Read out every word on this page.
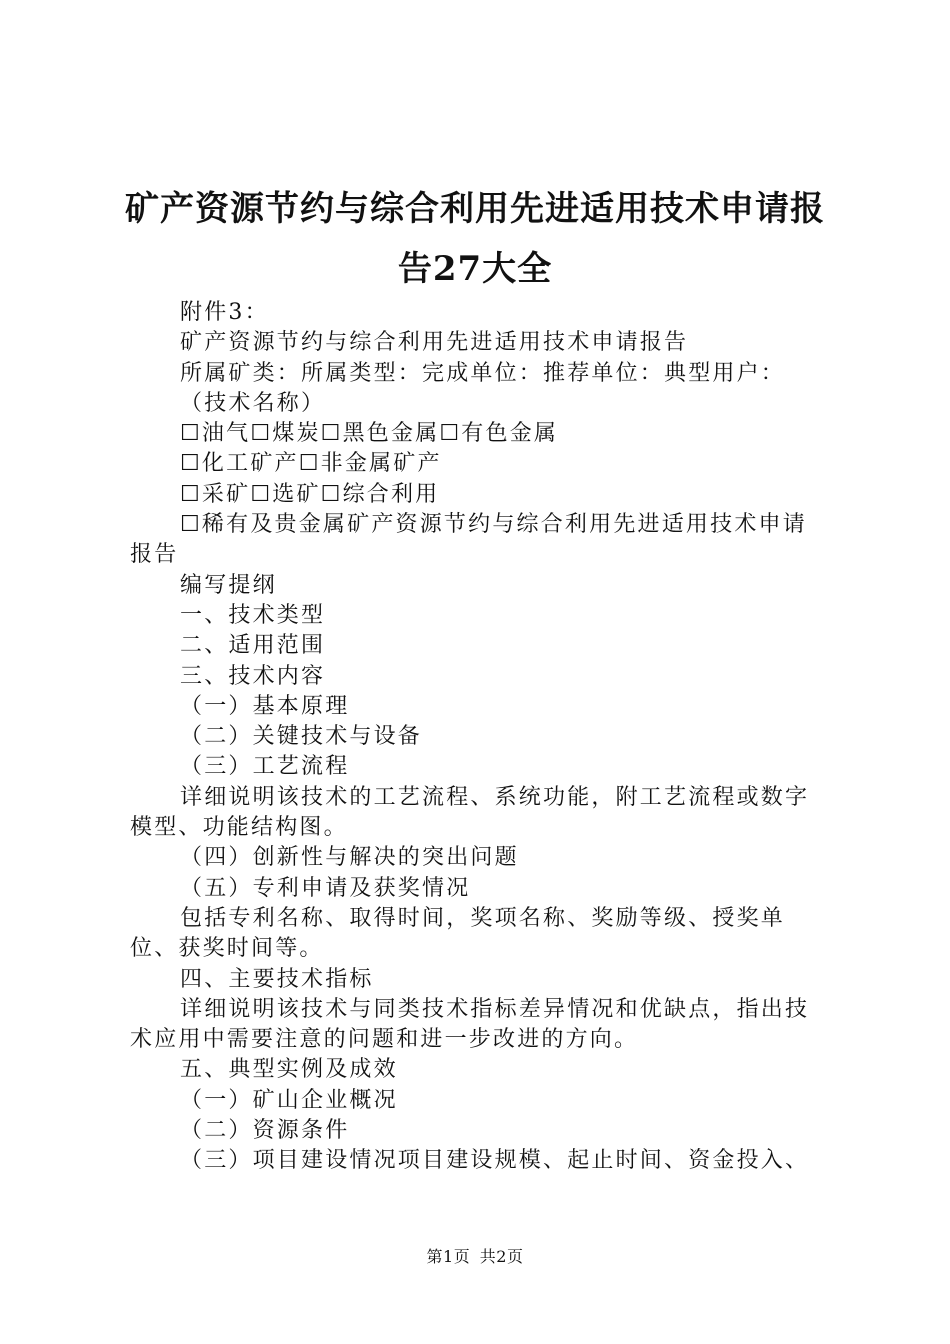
矿产资源节约与综合利用先进适用技术申请报
告27大全

附件3：

矿产资源节约与综合利用先进适用技术申请报告

所属矿类：所属类型：完成单位：推荐单位：典型用户：

（技术名称）

☐油气☐煤炭☐黑色金属☐有色金属

☐化工矿产☐非金属矿产

☐采矿☐选矿☐综合利用

☐稀有及贵金属矿产资源节约与综合利用先进适用技术申请报告

编写提纲

一、技术类型

二、适用范围

三、技术内容

（一）基本原理

（二）关键技术与设备

（三）工艺流程

详细说明该技术的工艺流程、系统功能，附工艺流程或数字模型、功能结构图。

（四）创新性与解决的突出问题

（五）专利申请及获奖情况

包括专利名称、取得时间，奖项名称、奖励等级、授奖单位、获奖时间等。

四、主要技术指标

详细说明该技术与同类技术指标差异情况和优缺点，指出技术应用中需要注意的问题和进一步改进的方向。

五、典型实例及成效

（一）矿山企业概况

（二）资源条件

（三）项目建设情况项目建设规模、起止时间、资金投入、

第1页 共2页
